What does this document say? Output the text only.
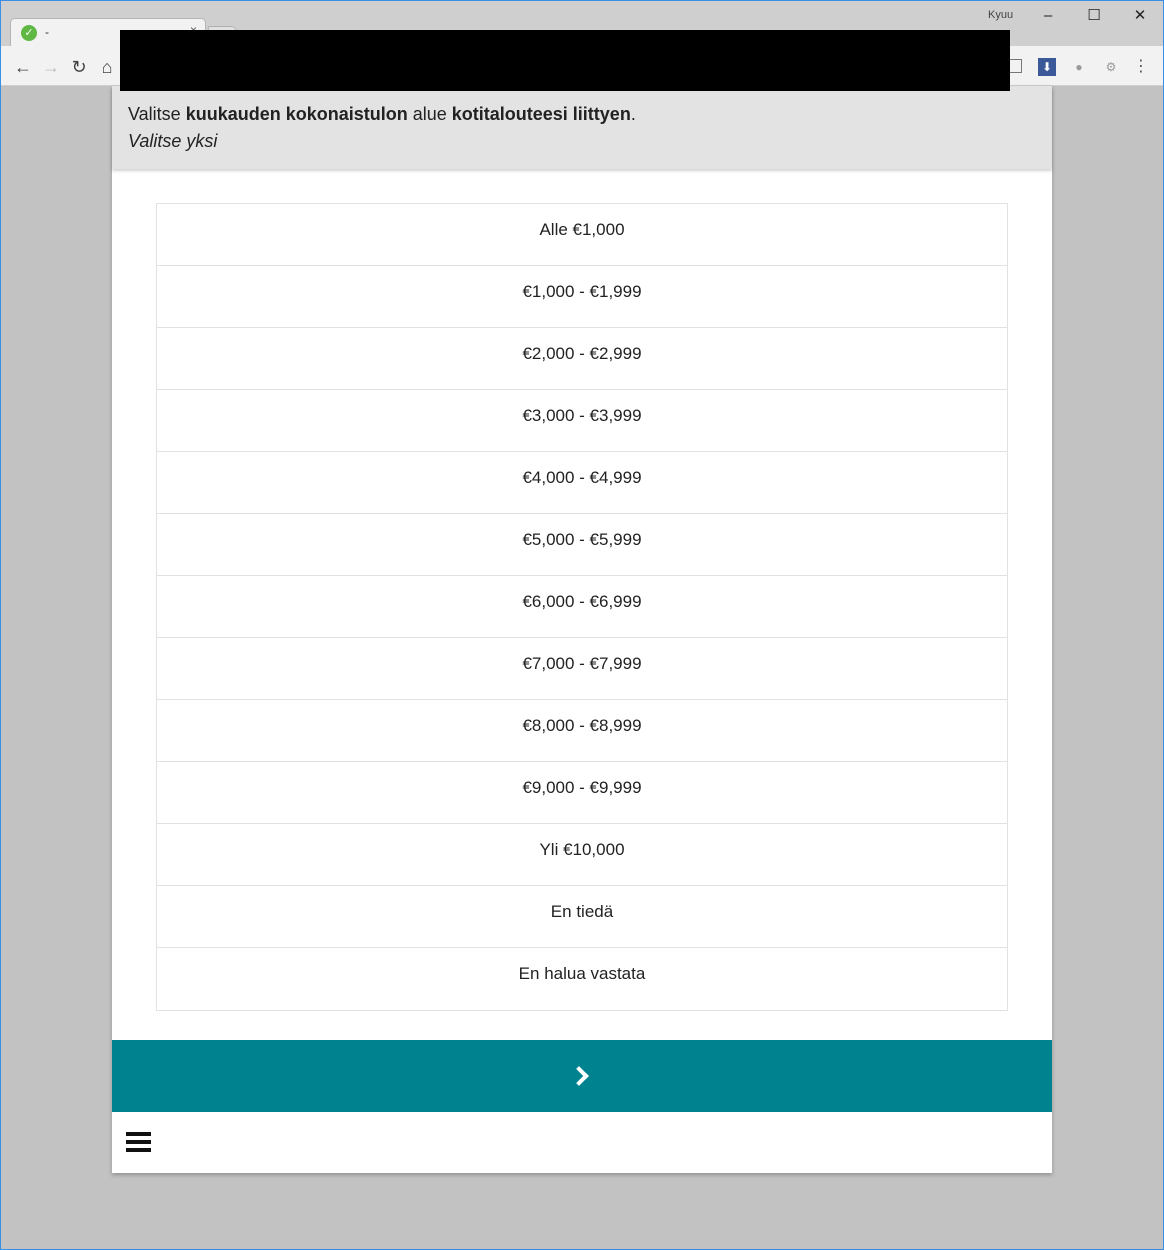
✓ -
Kyuu	–	☐	✕
← → ↻ ⌂	⬇	●	⚙ ⋮
Valitse kuukauden kokonaistulon alue kotitalouteesi liittyen.
Valitse yksi
Alle €1,000
€1,000 - €1,999
€2,000 - €2,999
€3,000 - €3,999
€4,000 - €4,999
€5,000 - €5,999
€6,000 - €6,999
€7,000 - €7,999
€8,000 - €8,999
€9,000 - €9,999
Yli €10,000
En tiedä
En halua vastata
